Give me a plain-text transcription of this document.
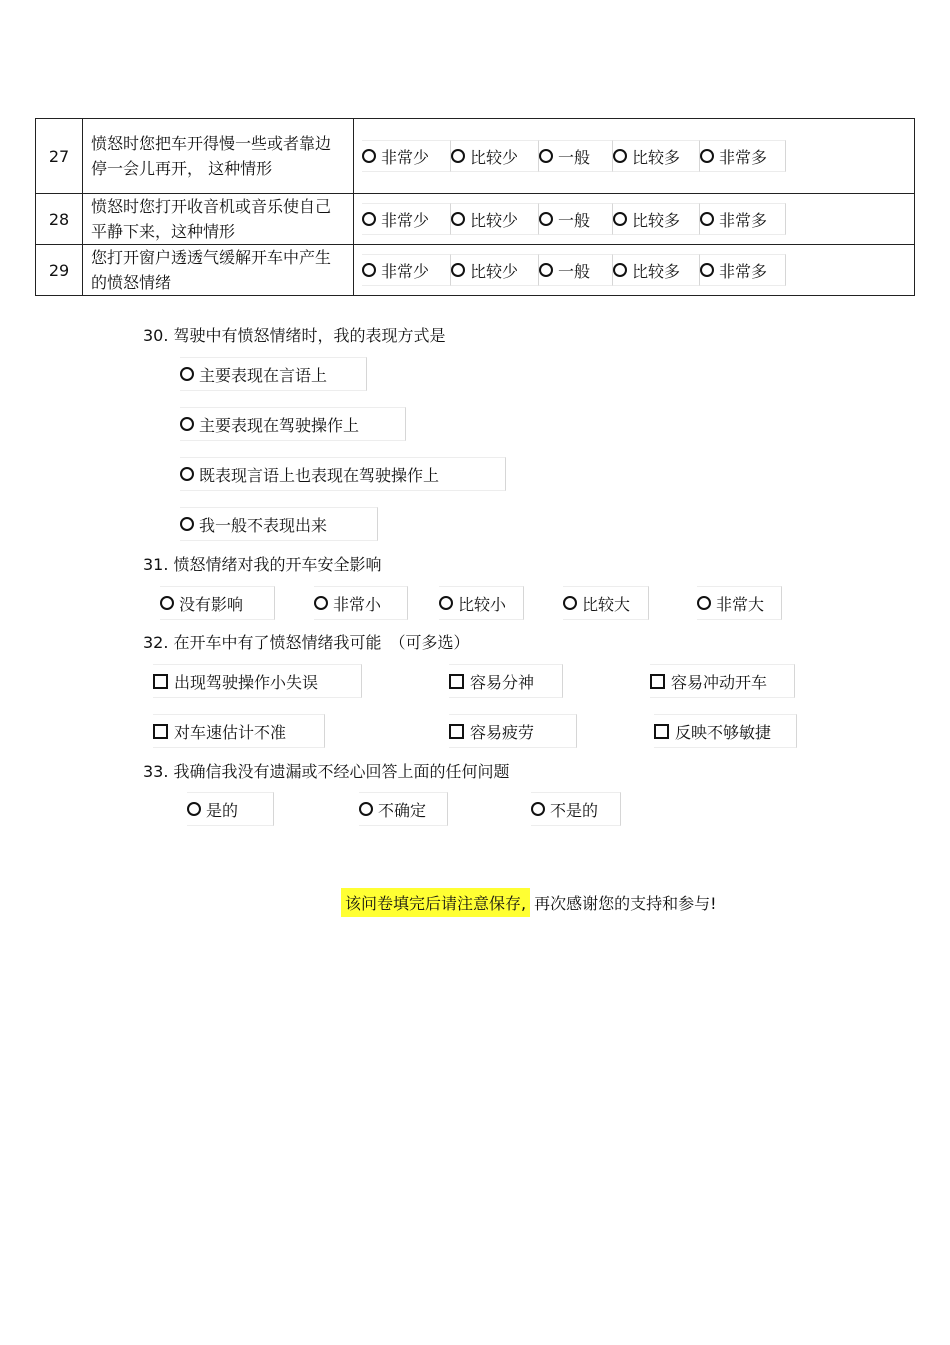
27	愤怒时您把车开得慢一些或者靠边停一会儿再开， 这种情形	非常少 比较少 一般 比较多 非常多

28	愤怒时您打开收音机或音乐使自己平静下来，这种情形	非常少 比较少 一般 比较多 非常多

29	您打开窗户透透气缓解开车中产生的愤怒情绪	非常少 比较少 一般 比较多 非常多
30. 驾驶中有愤怒情绪时，我的表现方式是
主要表现在言语上
主要表现在驾驶操作上
既表现言语上也表现在驾驶操作上
我一般不表现出来
31. 愤怒情绪对我的开车安全影响
没有影响	非常小	比较小	比较大	非常大
32. 在开车中有了愤怒情绪我可能　（可多选）
出现驾驶操作小失误	容易分神	容易冲动开车
对车速估计不准	容易疲劳	反映不够敏捷
33. 我确信我没有遗漏或不经心回答上面的任何问题
是的	不确定	不是的
该问卷填完后请注意保存, 再次感谢您的支持和参与!
